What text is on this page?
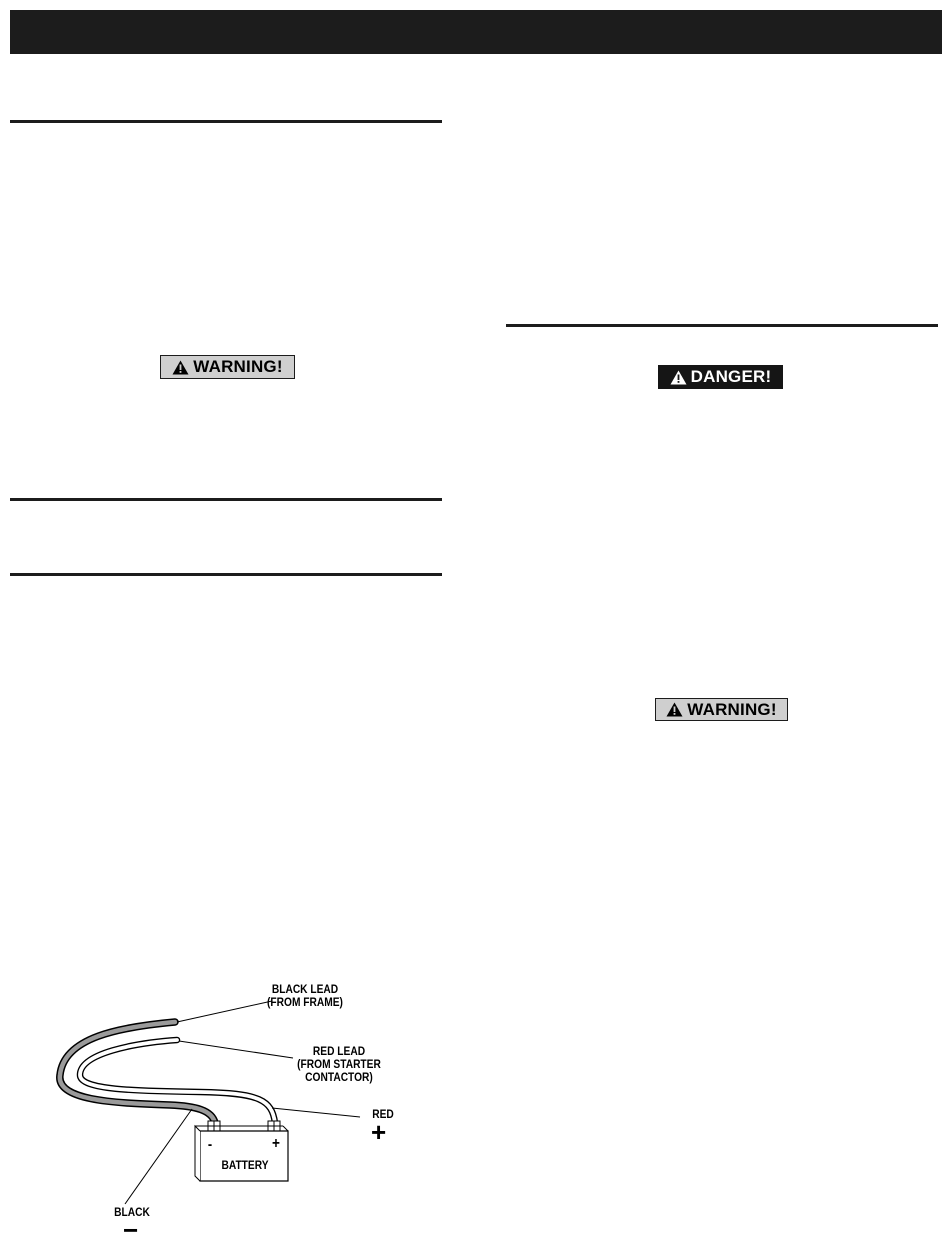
WARNING!
DANGER!
WARNING!
BLACK LEAD
(FROM FRAME)
RED LEAD
(FROM STARTER
CONTACTOR)
RED
+
BLACK
−
BATTERY
-	+
